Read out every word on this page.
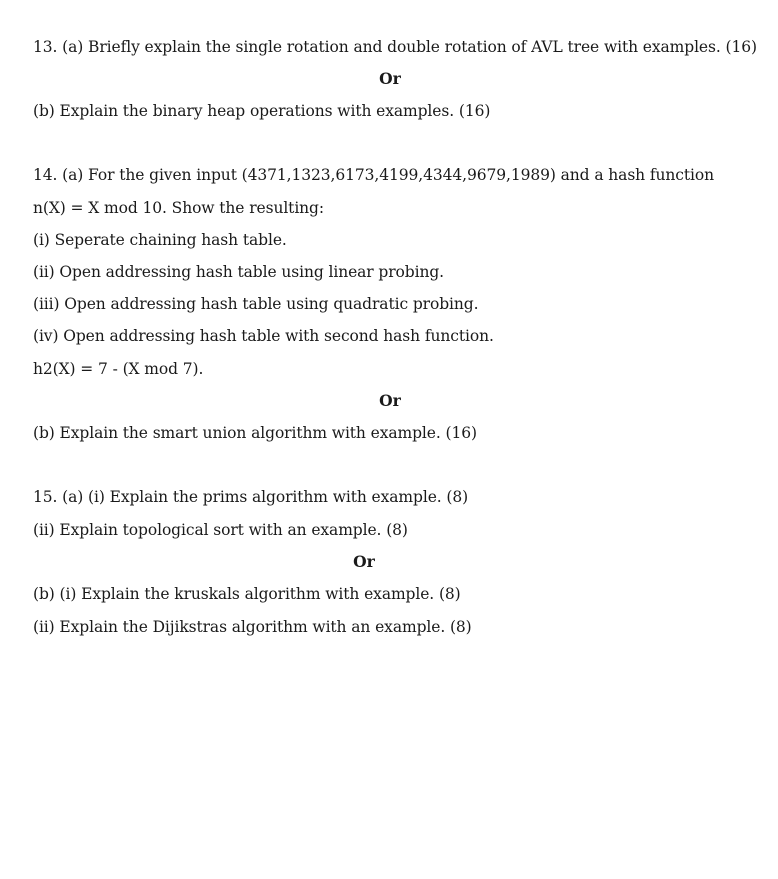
13. (a) Briefly explain the single rotation and double rotation of AVL tree with examples. (16)
Or
(b) Explain the binary heap operations with examples. (16)
14. (a) For the given input (4371,1323,6173,4199,4344,9679,1989) and a hash function
n(X) = X mod 10. Show the resulting:
(i) Seperate chaining hash table.
(ii) Open addressing hash table using linear probing.
(iii) Open addressing hash table using quadratic probing.
(iv) Open addressing hash table with second hash function.
h2(X) = 7 - (X mod 7).
Or
(b) Explain the smart union algorithm with example. (16)
15. (a) (i) Explain the prims algorithm with example. (8)
(ii) Explain topological sort with an example. (8)
Or
(b) (i) Explain the kruskals algorithm with example. (8)
(ii) Explain the Dijikstras algorithm with an example. (8)
